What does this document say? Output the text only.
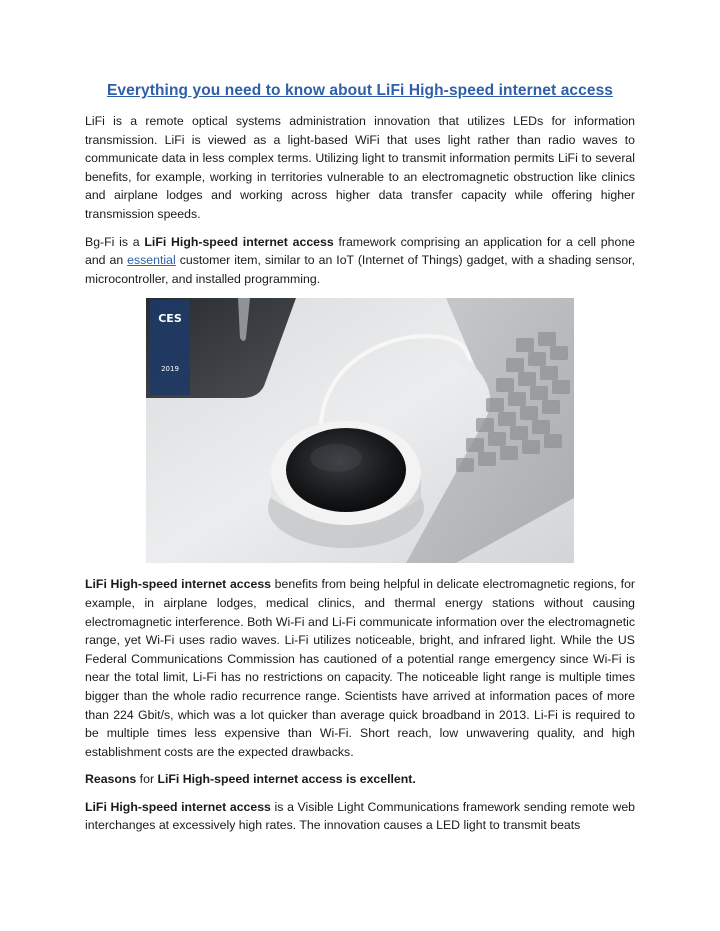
Everything you need to know about LiFi High-speed internet access

LiFi is a remote optical systems administration innovation that utilizes LEDs for information transmission. LiFi is viewed as a light-based WiFi that uses light rather than radio waves to communicate data in less complex terms. Utilizing light to transmit information permits LiFi to several benefits, for example, working in territories vulnerable to an electromagnetic obstruction like clinics and airplane lodges and working across higher data transfer capacity while offering higher transmission speeds.

Bg-Fi is a LiFi High-speed internet access framework comprising an application for a cell phone and an essential customer item, similar to an IoT (Internet of Things) gadget, with a shading sensor, microcontroller, and installed programming.

CES
2019

LiFi High-speed internet access benefits from being helpful in delicate electromagnetic regions, for example, in airplane lodges, medical clinics, and thermal energy stations without causing electromagnetic interference. Both Wi-Fi and Li-Fi communicate information over the electromagnetic range, yet Wi-Fi uses radio waves. Li-Fi utilizes noticeable, bright, and infrared light. While the US Federal Communications Commission has cautioned of a potential range emergency since Wi-Fi is near the total limit, Li-Fi has no restrictions on capacity. The noticeable light range is multiple times bigger than the whole radio recurrence range. Scientists have arrived at information paces of more than 224 Gbit/s, which was a lot quicker than average quick broadband in 2013. Li-Fi is required to be multiple times less expensive than Wi-Fi. Short reach, low unwavering quality, and high establishment costs are the expected drawbacks.

Reasons for LiFi High-speed internet access is excellent.

LiFi High-speed internet access is a Visible Light Communications framework sending remote web interchanges at excessively high rates. The innovation causes a LED light to transmit beats
